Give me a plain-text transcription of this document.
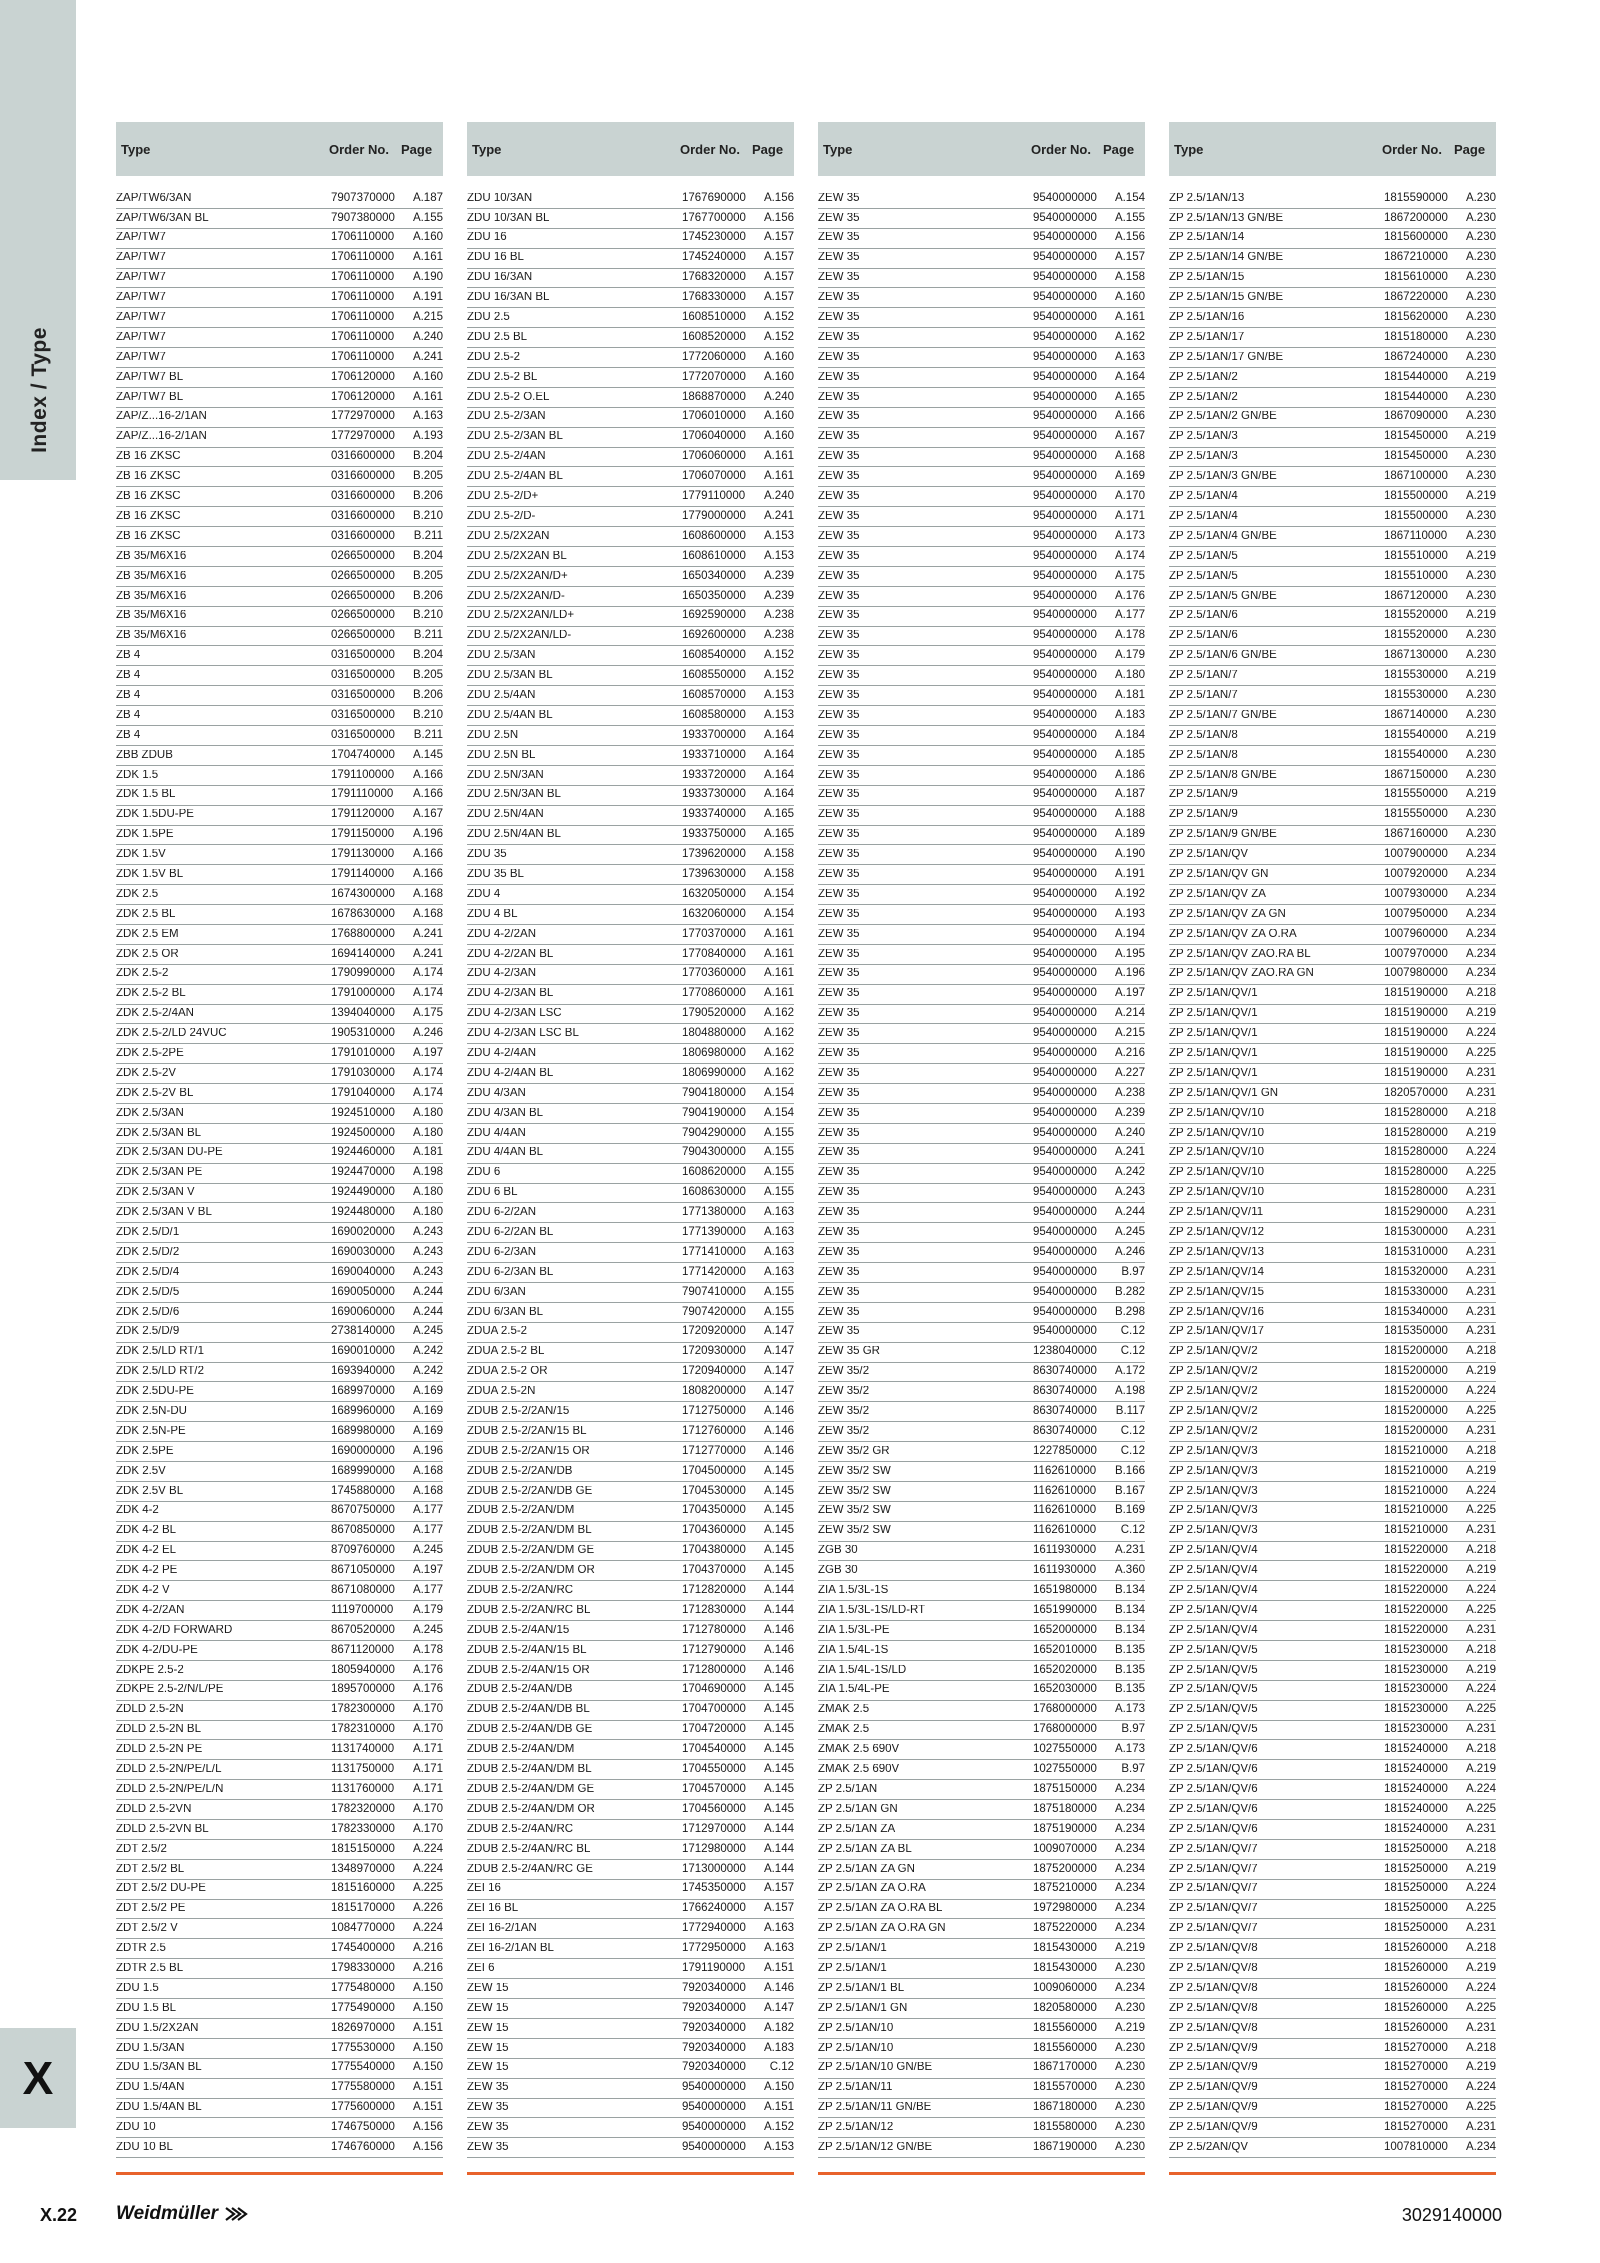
Index / Type
X
Type	Order No. Page
ZAP/TW6/3AN	7907370000	A.187
ZAP/TW6/3AN BL	7907380000	A.155
ZAP/TW7	1706110000	A.160
ZAP/TW7	1706110000	A.161
ZAP/TW7	1706110000	A.190
ZAP/TW7	1706110000	A.191
ZAP/TW7	1706110000	A.215
ZAP/TW7	1706110000	A.240
ZAP/TW7	1706110000	A.241
ZAP/TW7 BL	1706120000	A.160
ZAP/TW7 BL	1706120000	A.161
ZAP/Z...16-2/1AN	1772970000	A.163
ZAP/Z...16-2/1AN	1772970000	A.193
ZB 16 ZKSC	0316600000	B.204
ZB 16 ZKSC	0316600000	B.205
ZB 16 ZKSC	0316600000	B.206
ZB 16 ZKSC	0316600000	B.210
ZB 16 ZKSC	0316600000	B.211
ZB 35/M6X16	0266500000	B.204
ZB 35/M6X16	0266500000	B.205
ZB 35/M6X16	0266500000	B.206
ZB 35/M6X16	0266500000	B.210
ZB 35/M6X16	0266500000	B.211
ZB 4	0316500000	B.204
ZB 4	0316500000	B.205
ZB 4	0316500000	B.206
ZB 4	0316500000	B.210
ZB 4	0316500000	B.211
ZBB ZDUB	1704740000	A.145
ZDK 1.5	1791100000	A.166
ZDK 1.5 BL	1791110000	A.166
ZDK 1.5DU-PE	1791120000	A.167
ZDK 1.5PE	1791150000	A.196
ZDK 1.5V	1791130000	A.166
ZDK 1.5V BL	1791140000	A.166
ZDK 2.5	1674300000	A.168
ZDK 2.5 BL	1678630000	A.168
ZDK 2.5 EM	1768800000	A.241
ZDK 2.5 OR	1694140000	A.241
ZDK 2.5-2	1790990000	A.174
ZDK 2.5-2 BL	1791000000	A.174
ZDK 2.5-2/4AN	1394040000	A.175
ZDK 2.5-2/LD 24VUC	1905310000	A.246
ZDK 2.5-2PE	1791010000	A.197
ZDK 2.5-2V	1791030000	A.174
ZDK 2.5-2V BL	1791040000	A.174
ZDK 2.5/3AN	1924510000	A.180
ZDK 2.5/3AN BL	1924500000	A.180
ZDK 2.5/3AN DU-PE	1924460000	A.181
ZDK 2.5/3AN PE	1924470000	A.198
ZDK 2.5/3AN V	1924490000	A.180
ZDK 2.5/3AN V BL	1924480000	A.180
ZDK 2.5/D/1	1690020000	A.243
ZDK 2.5/D/2	1690030000	A.243
ZDK 2.5/D/4	1690040000	A.243
ZDK 2.5/D/5	1690050000	A.244
ZDK 2.5/D/6	1690060000	A.244
ZDK 2.5/D/9	2738140000	A.245
ZDK 2.5/LD RT/1	1690010000	A.242
ZDK 2.5/LD RT/2	1693940000	A.242
ZDK 2.5DU-PE	1689970000	A.169
ZDK 2.5N-DU	1689960000	A.169
ZDK 2.5N-PE	1689980000	A.169
ZDK 2.5PE	1690000000	A.196
ZDK 2.5V	1689990000	A.168
ZDK 2.5V BL	1745880000	A.168
ZDK 4-2	8670750000	A.177
ZDK 4-2 BL	8670850000	A.177
ZDK 4-2 EL	8709760000	A.245
ZDK 4-2 PE	8671050000	A.197
ZDK 4-2 V	8671080000	A.177
ZDK 4-2/2AN	1119700000	A.179
ZDK 4-2/D FORWARD	8670520000	A.245
ZDK 4-2/DU-PE	8671120000	A.178
ZDKPE 2.5-2	1805940000	A.176
ZDKPE 2.5-2/N/L/PE	1895700000	A.176
ZDLD 2.5-2N	1782300000	A.170
ZDLD 2.5-2N BL	1782310000	A.170
ZDLD 2.5-2N PE	1131740000	A.171
ZDLD 2.5-2N/PE/L/L	1131750000	A.171
ZDLD 2.5-2N/PE/L/N	1131760000	A.171
ZDLD 2.5-2VN	1782320000	A.170
ZDLD 2.5-2VN BL	1782330000	A.170
ZDT 2.5/2	1815150000	A.224
ZDT 2.5/2 BL	1348970000	A.224
ZDT 2.5/2 DU-PE	1815160000	A.225
ZDT 2.5/2 PE	1815170000	A.226
ZDT 2.5/2 V	1084770000	A.224
ZDTR 2.5	1745400000	A.216
ZDTR 2.5 BL	1798330000	A.216
ZDU 1.5	1775480000	A.150
ZDU 1.5 BL	1775490000	A.150
ZDU 1.5/2X2AN	1826970000	A.151
ZDU 1.5/3AN	1775530000	A.150
ZDU 1.5/3AN BL	1775540000	A.150
ZDU 1.5/4AN	1775580000	A.151
ZDU 1.5/4AN BL	1775600000	A.151
ZDU 10	1746750000	A.156
ZDU 10 BL	1746760000	A.156
Type	Order No. Page
ZDU 10/3AN	1767690000	A.156
ZDU 10/3AN BL	1767700000	A.156
ZDU 16	1745230000	A.157
ZDU 16 BL	1745240000	A.157
ZDU 16/3AN	1768320000	A.157
ZDU 16/3AN BL	1768330000	A.157
ZDU 2.5	1608510000	A.152
ZDU 2.5 BL	1608520000	A.152
ZDU 2.5-2	1772060000	A.160
ZDU 2.5-2 BL	1772070000	A.160
ZDU 2.5-2 O.EL	1868870000	A.240
ZDU 2.5-2/3AN	1706010000	A.160
ZDU 2.5-2/3AN BL	1706040000	A.160
ZDU 2.5-2/4AN	1706060000	A.161
ZDU 2.5-2/4AN BL	1706070000	A.161
ZDU 2.5-2/D+	1779110000	A.240
ZDU 2.5-2/D-	1779000000	A.241
ZDU 2.5/2X2AN	1608600000	A.153
ZDU 2.5/2X2AN BL	1608610000	A.153
ZDU 2.5/2X2AN/D+	1650340000	A.239
ZDU 2.5/2X2AN/D-	1650350000	A.239
ZDU 2.5/2X2AN/LD+	1692590000	A.238
ZDU 2.5/2X2AN/LD-	1692600000	A.238
ZDU 2.5/3AN	1608540000	A.152
ZDU 2.5/3AN BL	1608550000	A.152
ZDU 2.5/4AN	1608570000	A.153
ZDU 2.5/4AN BL	1608580000	A.153
ZDU 2.5N	1933700000	A.164
ZDU 2.5N BL	1933710000	A.164
ZDU 2.5N/3AN	1933720000	A.164
ZDU 2.5N/3AN BL	1933730000	A.164
ZDU 2.5N/4AN	1933740000	A.165
ZDU 2.5N/4AN BL	1933750000	A.165
ZDU 35	1739620000	A.158
ZDU 35 BL	1739630000	A.158
ZDU 4	1632050000	A.154
ZDU 4 BL	1632060000	A.154
ZDU 4-2/2AN	1770370000	A.161
ZDU 4-2/2AN BL	1770840000	A.161
ZDU 4-2/3AN	1770360000	A.161
ZDU 4-2/3AN BL	1770860000	A.161
ZDU 4-2/3AN LSC	1790520000	A.162
ZDU 4-2/3AN LSC BL	1804880000	A.162
ZDU 4-2/4AN	1806980000	A.162
ZDU 4-2/4AN BL	1806990000	A.162
ZDU 4/3AN	7904180000	A.154
ZDU 4/3AN BL	7904190000	A.154
ZDU 4/4AN	7904290000	A.155
ZDU 4/4AN BL	7904300000	A.155
ZDU 6	1608620000	A.155
ZDU 6 BL	1608630000	A.155
ZDU 6-2/2AN	1771380000	A.163
ZDU 6-2/2AN BL	1771390000	A.163
ZDU 6-2/3AN	1771410000	A.163
ZDU 6-2/3AN BL	1771420000	A.163
ZDU 6/3AN	7907410000	A.155
ZDU 6/3AN BL	7907420000	A.155
ZDUA 2.5-2	1720920000	A.147
ZDUA 2.5-2 BL	1720930000	A.147
ZDUA 2.5-2 OR	1720940000	A.147
ZDUA 2.5-2N	1808200000	A.147
ZDUB 2.5-2/2AN/15	1712750000	A.146
ZDUB 2.5-2/2AN/15 BL	1712760000	A.146
ZDUB 2.5-2/2AN/15 OR	1712770000	A.146
ZDUB 2.5-2/2AN/DB	1704500000	A.145
ZDUB 2.5-2/2AN/DB GE	1704530000	A.145
ZDUB 2.5-2/2AN/DM	1704350000	A.145
ZDUB 2.5-2/2AN/DM BL	1704360000	A.145
ZDUB 2.5-2/2AN/DM GE	1704380000	A.145
ZDUB 2.5-2/2AN/DM OR	1704370000	A.145
ZDUB 2.5-2/2AN/RC	1712820000	A.144
ZDUB 2.5-2/2AN/RC BL	1712830000	A.144
ZDUB 2.5-2/4AN/15	1712780000	A.146
ZDUB 2.5-2/4AN/15 BL	1712790000	A.146
ZDUB 2.5-2/4AN/15 OR	1712800000	A.146
ZDUB 2.5-2/4AN/DB	1704690000	A.145
ZDUB 2.5-2/4AN/DB BL	1704700000	A.145
ZDUB 2.5-2/4AN/DB GE	1704720000	A.145
ZDUB 2.5-2/4AN/DM	1704540000	A.145
ZDUB 2.5-2/4AN/DM BL	1704550000	A.145
ZDUB 2.5-2/4AN/DM GE	1704570000	A.145
ZDUB 2.5-2/4AN/DM OR	1704560000	A.145
ZDUB 2.5-2/4AN/RC	1712970000	A.144
ZDUB 2.5-2/4AN/RC BL	1712980000	A.144
ZDUB 2.5-2/4AN/RC GE	1713000000	A.144
ZEI 16	1745350000	A.157
ZEI 16 BL	1766240000	A.157
ZEI 16-2/1AN	1772940000	A.163
ZEI 16-2/1AN BL	1772950000	A.163
ZEI 6	1791190000	A.151
ZEW 15	7920340000	A.146
ZEW 15	7920340000	A.147
ZEW 15	7920340000	A.182
ZEW 15	7920340000	A.183
ZEW 15	7920340000	C.12
ZEW 35	9540000000	A.150
ZEW 35	9540000000	A.151
ZEW 35	9540000000	A.152
ZEW 35	9540000000	A.153
Type	Order No. Page
ZEW 35	9540000000	A.154
ZEW 35	9540000000	A.155
ZEW 35	9540000000	A.156
ZEW 35	9540000000	A.157
ZEW 35	9540000000	A.158
ZEW 35	9540000000	A.160
ZEW 35	9540000000	A.161
ZEW 35	9540000000	A.162
ZEW 35	9540000000	A.163
ZEW 35	9540000000	A.164
ZEW 35	9540000000	A.165
ZEW 35	9540000000	A.166
ZEW 35	9540000000	A.167
ZEW 35	9540000000	A.168
ZEW 35	9540000000	A.169
ZEW 35	9540000000	A.170
ZEW 35	9540000000	A.171
ZEW 35	9540000000	A.173
ZEW 35	9540000000	A.174
ZEW 35	9540000000	A.175
ZEW 35	9540000000	A.176
ZEW 35	9540000000	A.177
ZEW 35	9540000000	A.178
ZEW 35	9540000000	A.179
ZEW 35	9540000000	A.180
ZEW 35	9540000000	A.181
ZEW 35	9540000000	A.183
ZEW 35	9540000000	A.184
ZEW 35	9540000000	A.185
ZEW 35	9540000000	A.186
ZEW 35	9540000000	A.187
ZEW 35	9540000000	A.188
ZEW 35	9540000000	A.189
ZEW 35	9540000000	A.190
ZEW 35	9540000000	A.191
ZEW 35	9540000000	A.192
ZEW 35	9540000000	A.193
ZEW 35	9540000000	A.194
ZEW 35	9540000000	A.195
ZEW 35	9540000000	A.196
ZEW 35	9540000000	A.197
ZEW 35	9540000000	A.214
ZEW 35	9540000000	A.215
ZEW 35	9540000000	A.216
ZEW 35	9540000000	A.227
ZEW 35	9540000000	A.238
ZEW 35	9540000000	A.239
ZEW 35	9540000000	A.240
ZEW 35	9540000000	A.241
ZEW 35	9540000000	A.242
ZEW 35	9540000000	A.243
ZEW 35	9540000000	A.244
ZEW 35	9540000000	A.245
ZEW 35	9540000000	A.246
ZEW 35	9540000000	B.97
ZEW 35	9540000000	B.282
ZEW 35	9540000000	B.298
ZEW 35	9540000000	C.12
ZEW 35 GR	1238040000	C.12
ZEW 35/2	8630740000	A.172
ZEW 35/2	8630740000	A.198
ZEW 35/2	8630740000	B.117
ZEW 35/2	8630740000	C.12
ZEW 35/2 GR	1227850000	C.12
ZEW 35/2 SW	1162610000	B.166
ZEW 35/2 SW	1162610000	B.167
ZEW 35/2 SW	1162610000	B.169
ZEW 35/2 SW	1162610000	C.12
ZGB 30	1611930000	A.231
ZGB 30	1611930000	A.360
ZIA 1.5/3L-1S	1651980000	B.134
ZIA 1.5/3L-1S/LD-RT	1651990000	B.134
ZIA 1.5/3L-PE	1652000000	B.134
ZIA 1.5/4L-1S	1652010000	B.135
ZIA 1.5/4L-1S/LD	1652020000	B.135
ZIA 1.5/4L-PE	1652030000	B.135
ZMAK 2.5	1768000000	A.173
ZMAK 2.5	1768000000	B.97
ZMAK 2.5 690V	1027550000	A.173
ZMAK 2.5 690V	1027550000	B.97
ZP 2.5/1AN	1875150000	A.234
ZP 2.5/1AN GN	1875180000	A.234
ZP 2.5/1AN ZA	1875190000	A.234
ZP 2.5/1AN ZA BL	1009070000	A.234
ZP 2.5/1AN ZA GN	1875200000	A.234
ZP 2.5/1AN ZA O.RA	1875210000	A.234
ZP 2.5/1AN ZA O.RA BL	1972980000	A.234
ZP 2.5/1AN ZA O.RA GN	1875220000	A.234
ZP 2.5/1AN/1	1815430000	A.219
ZP 2.5/1AN/1	1815430000	A.230
ZP 2.5/1AN/1 BL	1009060000	A.234
ZP 2.5/1AN/1 GN	1820580000	A.230
ZP 2.5/1AN/10	1815560000	A.219
ZP 2.5/1AN/10	1815560000	A.230
ZP 2.5/1AN/10 GN/BE	1867170000	A.230
ZP 2.5/1AN/11	1815570000	A.230
ZP 2.5/1AN/11 GN/BE	1867180000	A.230
ZP 2.5/1AN/12	1815580000	A.230
ZP 2.5/1AN/12 GN/BE	1867190000	A.230
Type	Order No. Page
ZP 2.5/1AN/13	1815590000	A.230
ZP 2.5/1AN/13 GN/BE	1867200000	A.230
ZP 2.5/1AN/14	1815600000	A.230
ZP 2.5/1AN/14 GN/BE	1867210000	A.230
ZP 2.5/1AN/15	1815610000	A.230
ZP 2.5/1AN/15 GN/BE	1867220000	A.230
ZP 2.5/1AN/16	1815620000	A.230
ZP 2.5/1AN/17	1815180000	A.230
ZP 2.5/1AN/17 GN/BE	1867240000	A.230
ZP 2.5/1AN/2	1815440000	A.219
ZP 2.5/1AN/2	1815440000	A.230
ZP 2.5/1AN/2 GN/BE	1867090000	A.230
ZP 2.5/1AN/3	1815450000	A.219
ZP 2.5/1AN/3	1815450000	A.230
ZP 2.5/1AN/3 GN/BE	1867100000	A.230
ZP 2.5/1AN/4	1815500000	A.219
ZP 2.5/1AN/4	1815500000	A.230
ZP 2.5/1AN/4 GN/BE	1867110000	A.230
ZP 2.5/1AN/5	1815510000	A.219
ZP 2.5/1AN/5	1815510000	A.230
ZP 2.5/1AN/5 GN/BE	1867120000	A.230
ZP 2.5/1AN/6	1815520000	A.219
ZP 2.5/1AN/6	1815520000	A.230
ZP 2.5/1AN/6 GN/BE	1867130000	A.230
ZP 2.5/1AN/7	1815530000	A.219
ZP 2.5/1AN/7	1815530000	A.230
ZP 2.5/1AN/7 GN/BE	1867140000	A.230
ZP 2.5/1AN/8	1815540000	A.219
ZP 2.5/1AN/8	1815540000	A.230
ZP 2.5/1AN/8 GN/BE	1867150000	A.230
ZP 2.5/1AN/9	1815550000	A.219
ZP 2.5/1AN/9	1815550000	A.230
ZP 2.5/1AN/9 GN/BE	1867160000	A.230
ZP 2.5/1AN/QV	1007900000	A.234
ZP 2.5/1AN/QV GN	1007920000	A.234
ZP 2.5/1AN/QV ZA	1007930000	A.234
ZP 2.5/1AN/QV ZA GN	1007950000	A.234
ZP 2.5/1AN/QV ZA O.RA	1007960000	A.234
ZP 2.5/1AN/QV ZAO.RA BL	1007970000	A.234
ZP 2.5/1AN/QV ZAO.RA GN	1007980000	A.234
ZP 2.5/1AN/QV/1	1815190000	A.218
ZP 2.5/1AN/QV/1	1815190000	A.219
ZP 2.5/1AN/QV/1	1815190000	A.224
ZP 2.5/1AN/QV/1	1815190000	A.225
ZP 2.5/1AN/QV/1	1815190000	A.231
ZP 2.5/1AN/QV/1 GN	1820570000	A.231
ZP 2.5/1AN/QV/10	1815280000	A.218
ZP 2.5/1AN/QV/10	1815280000	A.219
ZP 2.5/1AN/QV/10	1815280000	A.224
ZP 2.5/1AN/QV/10	1815280000	A.225
ZP 2.5/1AN/QV/10	1815280000	A.231
ZP 2.5/1AN/QV/11	1815290000	A.231
ZP 2.5/1AN/QV/12	1815300000	A.231
ZP 2.5/1AN/QV/13	1815310000	A.231
ZP 2.5/1AN/QV/14	1815320000	A.231
ZP 2.5/1AN/QV/15	1815330000	A.231
ZP 2.5/1AN/QV/16	1815340000	A.231
ZP 2.5/1AN/QV/17	1815350000	A.231
ZP 2.5/1AN/QV/2	1815200000	A.218
ZP 2.5/1AN/QV/2	1815200000	A.219
ZP 2.5/1AN/QV/2	1815200000	A.224
ZP 2.5/1AN/QV/2	1815200000	A.225
ZP 2.5/1AN/QV/2	1815200000	A.231
ZP 2.5/1AN/QV/3	1815210000	A.218
ZP 2.5/1AN/QV/3	1815210000	A.219
ZP 2.5/1AN/QV/3	1815210000	A.224
ZP 2.5/1AN/QV/3	1815210000	A.225
ZP 2.5/1AN/QV/3	1815210000	A.231
ZP 2.5/1AN/QV/4	1815220000	A.218
ZP 2.5/1AN/QV/4	1815220000	A.219
ZP 2.5/1AN/QV/4	1815220000	A.224
ZP 2.5/1AN/QV/4	1815220000	A.225
ZP 2.5/1AN/QV/4	1815220000	A.231
ZP 2.5/1AN/QV/5	1815230000	A.218
ZP 2.5/1AN/QV/5	1815230000	A.219
ZP 2.5/1AN/QV/5	1815230000	A.224
ZP 2.5/1AN/QV/5	1815230000	A.225
ZP 2.5/1AN/QV/5	1815230000	A.231
ZP 2.5/1AN/QV/6	1815240000	A.218
ZP 2.5/1AN/QV/6	1815240000	A.219
ZP 2.5/1AN/QV/6	1815240000	A.224
ZP 2.5/1AN/QV/6	1815240000	A.225
ZP 2.5/1AN/QV/6	1815240000	A.231
ZP 2.5/1AN/QV/7	1815250000	A.218
ZP 2.5/1AN/QV/7	1815250000	A.219
ZP 2.5/1AN/QV/7	1815250000	A.224
ZP 2.5/1AN/QV/7	1815250000	A.225
ZP 2.5/1AN/QV/7	1815250000	A.231
ZP 2.5/1AN/QV/8	1815260000	A.218
ZP 2.5/1AN/QV/8	1815260000	A.219
ZP 2.5/1AN/QV/8	1815260000	A.224
ZP 2.5/1AN/QV/8	1815260000	A.225
ZP 2.5/1AN/QV/8	1815260000	A.231
ZP 2.5/1AN/QV/9	1815270000	A.218
ZP 2.5/1AN/QV/9	1815270000	A.219
ZP 2.5/1AN/QV/9	1815270000	A.224
ZP 2.5/1AN/QV/9	1815270000	A.225
ZP 2.5/1AN/QV/9	1815270000	A.231
ZP 2.5/2AN/QV	1007810000	A.234
X.22 Weidmüller	3029140000
